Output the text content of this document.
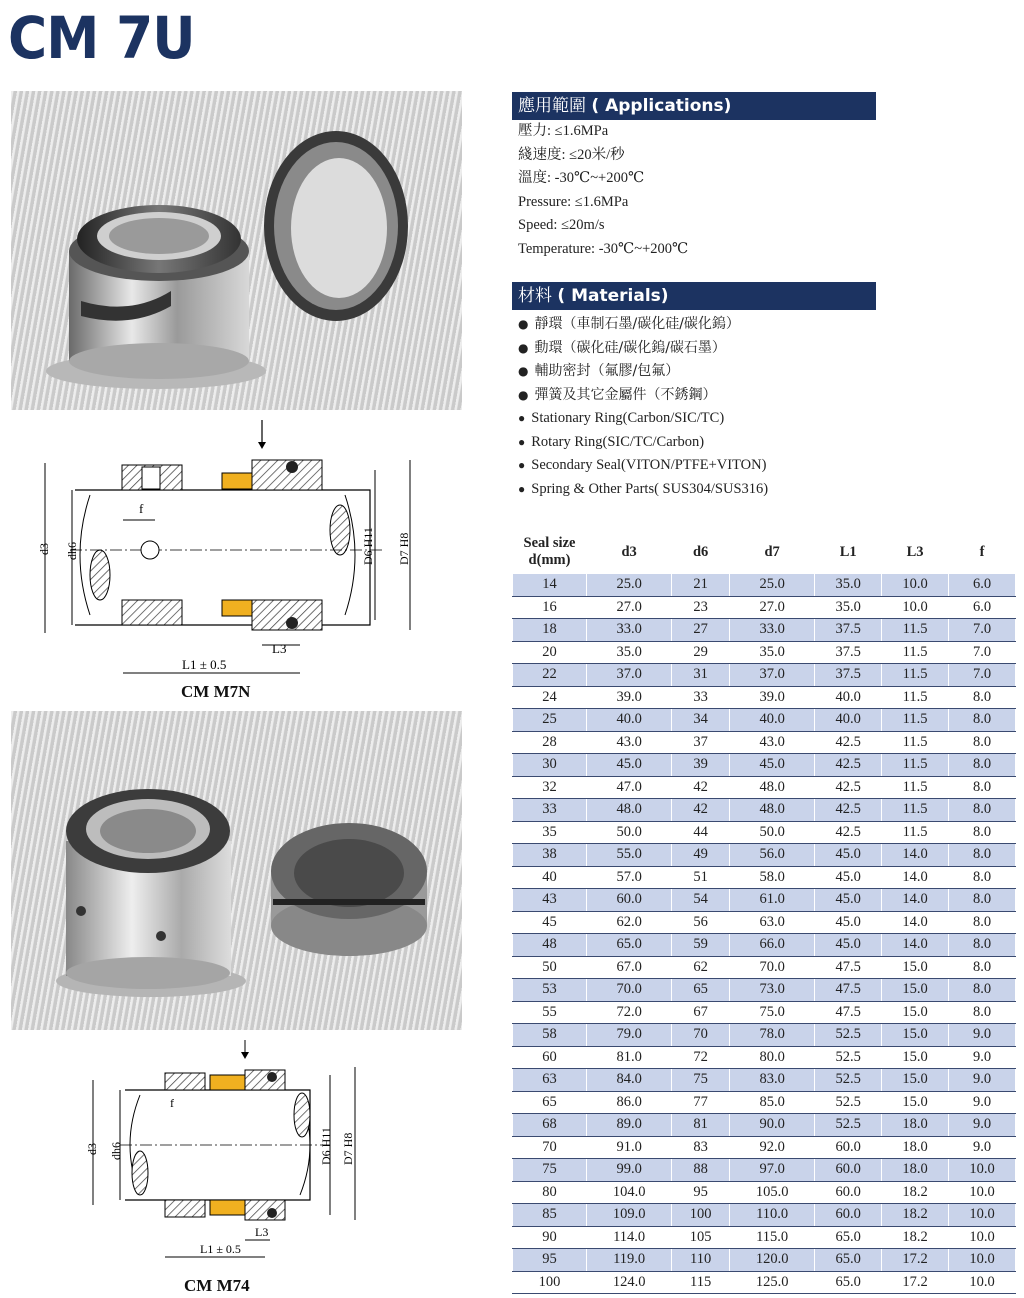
CM 7U
f
d3 dh6	D6 H11 D7 H8
L1 ± 0.5
L3
CM M7N
f
d3 dh6	D6 H11 D7 H8
L1 ± 0.5
L3
CM M74
應用範圍 ( Applications)
壓力: ≤1.6MPa
綫速度: ≤20米/秒
溫度: -30℃~+200℃
Pressure: ≤1.6MPa
Speed: ≤20m/s
Temperature: -30℃~+200℃
材料 ( Materials)
● 靜環（車制石墨/碳化硅/碳化鎢）
● 動環（碳化硅/碳化鎢/碳石墨）
● 輔助密封（氟膠/包氟）
● 彈簧及其它金屬件（不銹鋼）
● Stationary Ring(Carbon/SIC/TC)
● Rotary Ring(SIC/TC/Carbon)
● Secondary Seal(VITON/PTFE+VITON)
● Spring & Other Parts( SUS304/SUS316)
Seal size d(mm)	d3	d6	d7	L1	L3	f
14	25.0	21	25.0	35.0	10.0	6.0
16	27.0	23	27.0	35.0	10.0	6.0
18	33.0	27	33.0	37.5	11.5	7.0
20	35.0	29	35.0	37.5	11.5	7.0
22	37.0	31	37.0	37.5	11.5	7.0
24	39.0	33	39.0	40.0	11.5	8.0
25	40.0	34	40.0	40.0	11.5	8.0
28	43.0	37	43.0	42.5	11.5	8.0
30	45.0	39	45.0	42.5	11.5	8.0
32	47.0	42	48.0	42.5	11.5	8.0
33	48.0	42	48.0	42.5	11.5	8.0
35	50.0	44	50.0	42.5	11.5	8.0
38	55.0	49	56.0	45.0	14.0	8.0
40	57.0	51	58.0	45.0	14.0	8.0
43	60.0	54	61.0	45.0	14.0	8.0
45	62.0	56	63.0	45.0	14.0	8.0
48	65.0	59	66.0	45.0	14.0	8.0
50	67.0	62	70.0	47.5	15.0	8.0
53	70.0	65	73.0	47.5	15.0	8.0
55	72.0	67	75.0	47.5	15.0	8.0
58	79.0	70	78.0	52.5	15.0	9.0
60	81.0	72	80.0	52.5	15.0	9.0
63	84.0	75	83.0	52.5	15.0	9.0
65	86.0	77	85.0	52.5	15.0	9.0
68	89.0	81	90.0	52.5	18.0	9.0
70	91.0	83	92.0	60.0	18.0	9.0
75	99.0	88	97.0	60.0	18.0	10.0
80	104.0	95	105.0	60.0	18.2	10.0
85	109.0	100	110.0	60.0	18.2	10.0
90	114.0	105	115.0	65.0	18.2	10.0
95	119.0	110	120.0	65.0	17.2	10.0
100	124.0	115	125.0	65.0	17.2	10.0
